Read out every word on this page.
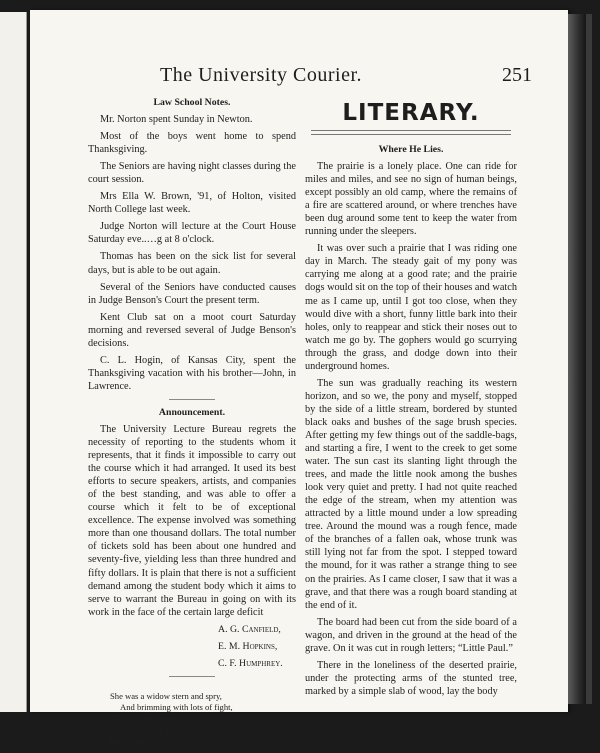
The University Courier.	251

Law School Notes.

Mr. Norton spent Sunday in Newton.

Most of the boys went home to spend Thanksgiving.

The Seniors are having night classes during the court session.

Mrs Ella W. Brown, '91, of Holton, visited North College last week.

Judge Norton will lecture at the Court House Saturday eve..…g at 8 o'clock.

Thomas has been on the sick list for several days, but is able to be out again.

Several of the Seniors have conducted causes in Judge Benson's Court the present term.

Kent Club sat on a moot court Saturday morning and reversed several of Judge Benson's decisions.

C. L. Hogin, of Kansas City, spent the Thanksgiving vacation with his brother—John, in Lawrence.

Announcement.

The University Lecture Bureau regrets the necessity of reporting to the students whom it represents, that it finds it impossible to carry out the course which it had arranged. It used its best efforts to secure speakers, artists, and companies of the best standing, and was able to offer a course which it felt to be of exceptional excellence. The expense involved was something more than one thousand dollars. The total number of tickets sold has been about one hundred and seventy-five, yielding less than three hundred and fifty dollars. It is plain that there is not a sufficient demand among the student body which it aims to serve to warrant the Bureau in going on with its work in the face of the certain large deficit

A. G. Canfield,

E. M. Hopkins,

C. F. Humphrey.

She was a widow stern and spry,
And brimming with lots of fight,
She married a little man five feet high,
And he died from the widow's might.—Ex.

Subscribe for the Courier.

LITERARY.

Where He Lies.

The prairie is a lonely place. One can ride for miles and miles, and see no sign of human beings, except possibly an old camp, where the remains of a fire are scattered around, or where trenches have been dug around some tent to keep the water from running under the sleepers.

It was over such a prairie that I was riding one day in March. The steady gait of my pony was carrying me along at a good rate; and the prairie dogs would sit on the top of their houses and watch me as I came up, until I got too close, when they would dive with a short, funny little bark into their holes, only to reappear and stick their noses out to watch me go by. The gophers would go scurrying through the grass, and dodge down into their underground homes.

The sun was gradually reaching its western horizon, and so we, the pony and myself, stopped by the side of a little stream, bordered by stunted black oaks and bushes of the sage brush species. After getting my few things out of the saddle-bags, and starting a fire, I went to the creek to get some water. The sun cast its slanting light through the trees, and made the little nook among the bushes look very quiet and pretty. I had not quite reached the edge of the stream, when my attention was attracted by a little mound under a low spreading tree. Around the mound was a rough fence, made of the branches of a fallen oak, whose trunk was still lying not far from the spot. I stepped toward the mound, for it was rather a strange thing to see on the prairies. As I came closer, I saw that it was a grave, and that there was a rough board standing at the end of it.

The board had been cut from the side board of a wagon, and driven in the ground at the head of the grave. On it was cut in rough letters; “Little Paul.”

There in the loneliness of the deserted prairie, under the protecting arms of the stunted tree, marked by a simple slab of wood, lay the body
